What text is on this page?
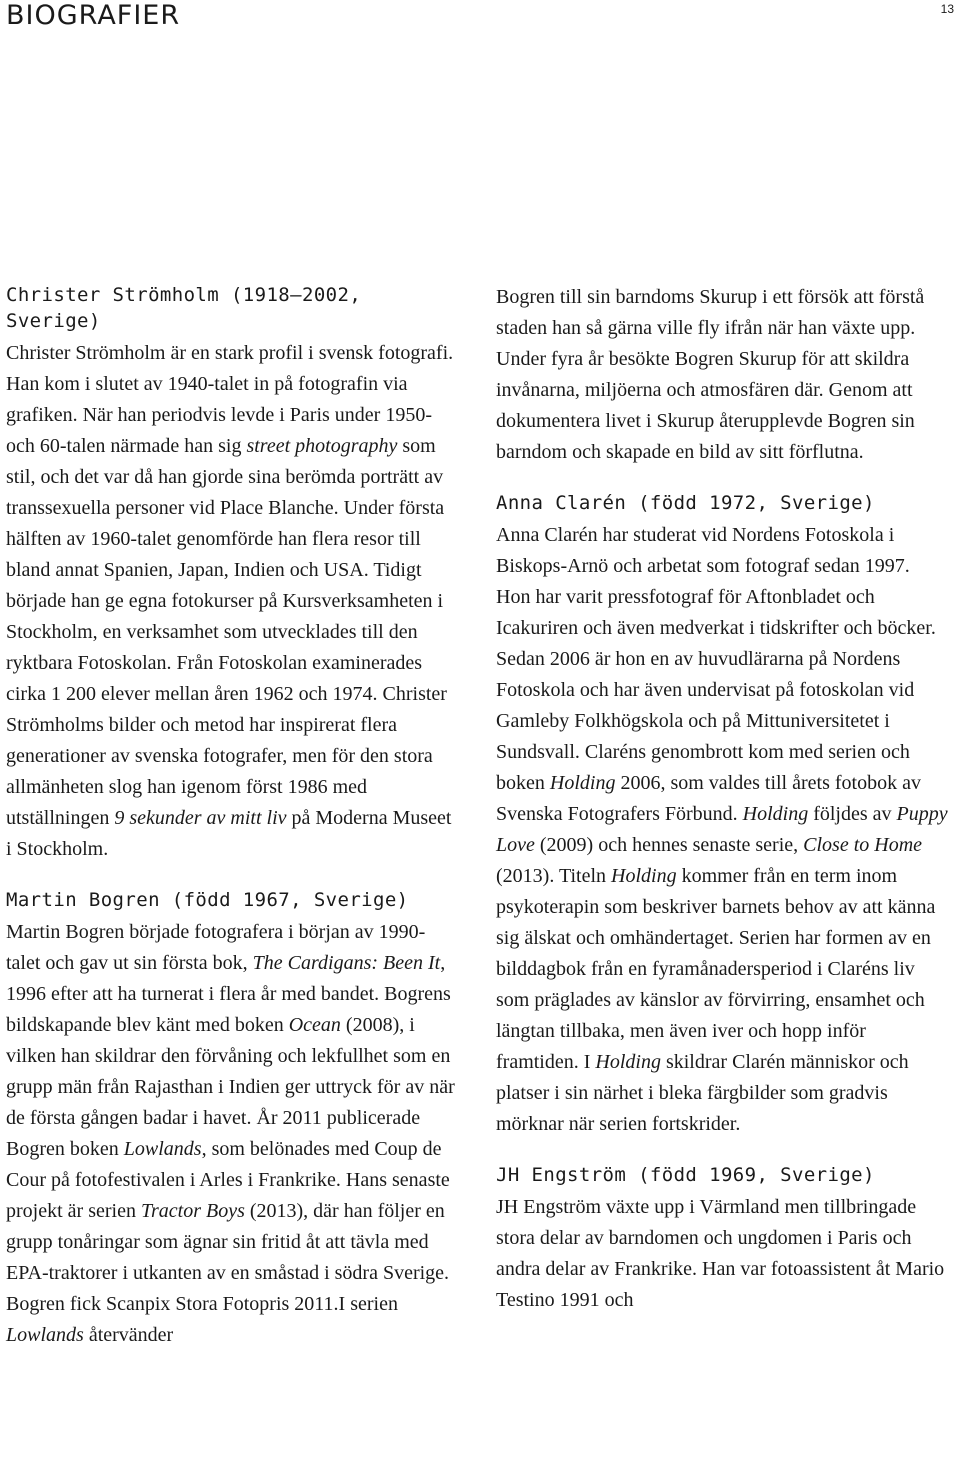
BIOGRAFIER	13
Christer Strömholm (1918–2002, Sverige)

Christer Strömholm är en stark profil i svensk fotografi. Han kom i slutet av 1940-talet in på fotografin via grafiken. När han periodvis levde i Paris under 1950- och 60-talen närmade han sig street photography som stil, och det var då han gjorde sina berömda porträtt av transsexuella personer vid Place Blanche. Under första hälften av 1960-talet genomförde han flera resor till bland annat Spanien, Japan, Indien och USA. Tidigt började han ge egna fotokurser på Kursverksamheten i Stockholm, en verksamhet som utvecklades till den ryktbara Fotoskolan. Från Fotoskolan examinerades cirka 1 200 elever mellan åren 1962 och 1974. Christer Strömholms bilder och metod har inspirerat flera generationer av svenska fotografer, men för den stora allmänheten slog han igenom först 1986 med utställningen 9 sekunder av mitt liv på Moderna Museet i Stockholm.

Martin Bogren (född 1967, Sverige)

Martin Bogren började fotografera i början av 1990-talet och gav ut sin första bok, The Cardigans: Been It, 1996 efter att ha turnerat i flera år med bandet. Bogrens bildskapande blev känt med boken Ocean (2008), i vilken han skildrar den förvåning och lekfullhet som en grupp män från Rajasthan i Indien ger uttryck för av när de första gången badar i havet. År 2011 publicerade Bogren boken Lowlands, som belönades med Coup de Cour på fotofestivalen i Arles i Frankrike. Hans senaste projekt är serien Tractor Boys (2013), där han följer en grupp tonåringar som ägnar sin fritid åt att tävla med EPA-traktorer i utkanten av en småstad i södra Sverige. Bogren fick Scanpix Stora Fotopris 2011.I serien Lowlands återvänder

Bogren till sin barndoms Skurup i ett försök att förstå staden han så gärna ville fly ifrån när han växte upp. Under fyra år besökte Bogren Skurup för att skildra invånarna, miljöerna och atmosfären där. Genom att dokumentera livet i Skurup återupplevde Bogren sin barndom och skapade en bild av sitt förflutna.

Anna Clarén (född 1972, Sverige)

Anna Clarén har studerat vid Nordens Fotoskola i Biskops-Arnö och arbetat som fotograf sedan 1997. Hon har varit pressfotograf för Aftonbladet och Icakuriren och även medverkat i tidskrifter och böcker. Sedan 2006 är hon en av huvudlärarna på Nordens Fotoskola och har även undervisat på fotoskolan vid Gamleby Folkhögskola och på Mittuniversitetet i Sundsvall. Claréns genombrott kom med serien och boken Holding 2006, som valdes till årets fotobok av Svenska Fotografers Förbund. Holding följdes av Puppy Love (2009) och hennes senaste serie, Close to Home (2013). Titeln Holding kommer från en term inom psykoterapin som beskriver barnets behov av att känna sig älskat och omhändertaget. Serien har formen av en bilddagbok från en fyramånadersperiod i Claréns liv som präglades av känslor av förvirring, ensamhet och längtan tillbaka, men även iver och hopp inför framtiden. I Holding skildrar Clarén människor och platser i sin närhet i bleka färgbilder som gradvis mörknar när serien fortskrider.

JH Engström (född 1969, Sverige)

JH Engström växte upp i Värmland men tillbringade stora delar av barndomen och ungdomen i Paris och andra delar av Frankrike. Han var fotoassistent åt Mario Testino 1991 och
